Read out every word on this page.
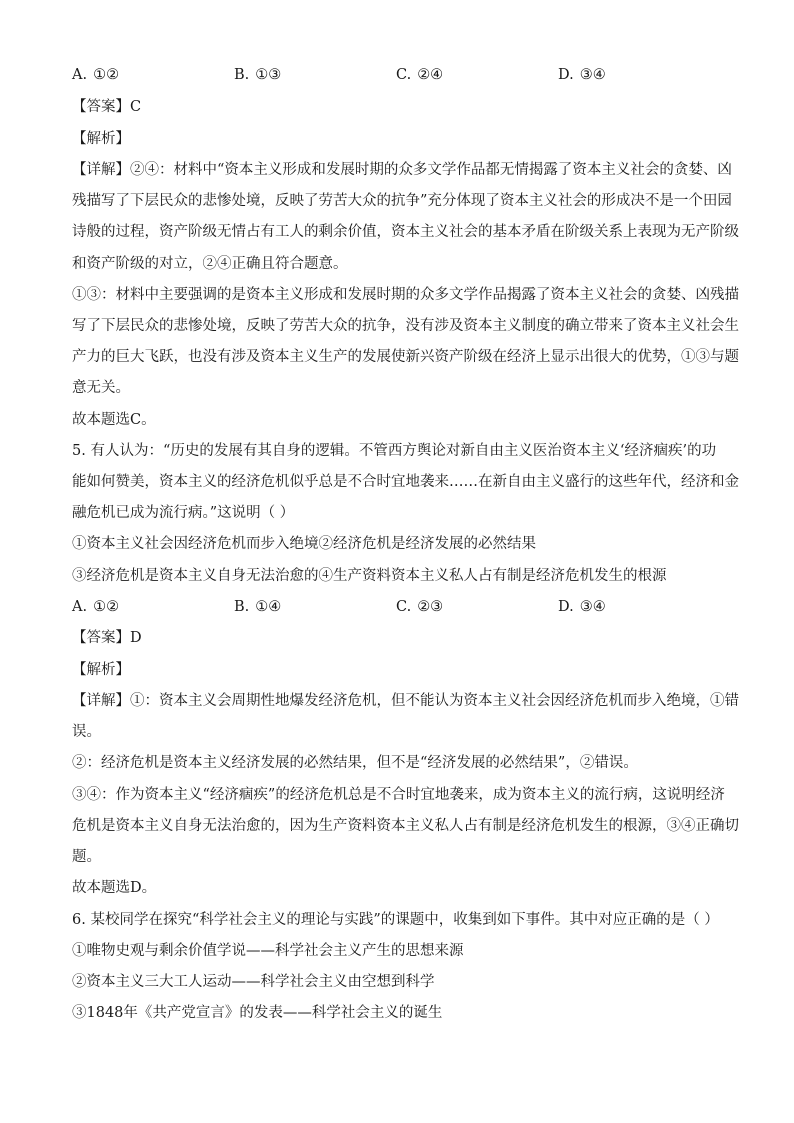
A. ①②	B. ①③	C. ②④	D. ③④
【答案】C
【解析】
【详解】②④：材料中“资本主义形成和发展时期的众多文学作品都无情揭露了资本主义社会的贪婪、凶
残描写了下层民众的悲惨处境，反映了劳苦大众的抗争”充分体现了资本主义社会的形成决不是一个田园
诗般的过程，资产阶级无情占有工人的剩余价值，资本主义社会的基本矛盾在阶级关系上表现为无产阶级
和资产阶级的对立，②④正确且符合题意。
①③：材料中主要强调的是资本主义形成和发展时期的众多文学作品揭露了资本主义社会的贪婪、凶残描
写了下层民众的悲惨处境，反映了劳苦大众的抗争，没有涉及资本主义制度的确立带来了资本主义社会生
产力的巨大飞跃，也没有涉及资本主义生产的发展使新兴资产阶级在经济上显示出很大的优势，①③与题
意无关。
故本题选C。
5. 有人认为：“历史的发展有其自身的逻辑。不管西方舆论对新自由主义医治资本主义‘经济痼疾’的功
能如何赞美，资本主义的经济危机似乎总是不合时宜地袭来……在新自由主义盛行的这些年代，经济和金
融危机已成为流行病。”这说明（ ）
①资本主义社会因经济危机而步入绝境②经济危机是经济发展的必然结果
③经济危机是资本主义自身无法治愈的④生产资料资本主义私人占有制是经济危机发生的根源
A. ①②	B. ①④	C. ②③	D. ③④
【答案】D
【解析】
【详解】①：资本主义会周期性地爆发经济危机，但不能认为资本主义社会因经济危机而步入绝境，①错
误。
②：经济危机是资本主义经济发展的必然结果，但不是“经济发展的必然结果”，②错误。
③④：作为资本主义“经济痼疾”的经济危机总是不合时宜地袭来，成为资本主义的流行病，这说明经济
危机是资本主义自身无法治愈的，因为生产资料资本主义私人占有制是经济危机发生的根源，③④正确切
题。
故本题选D。
6. 某校同学在探究“科学社会主义的理论与实践”的课题中，收集到如下事件。其中对应正确的是（ ）
①唯物史观与剩余价值学说——科学社会主义产生的思想来源
②资本主义三大工人运动——科学社会主义由空想到科学
③1848年《共产党宣言》的发表——科学社会主义的诞生
